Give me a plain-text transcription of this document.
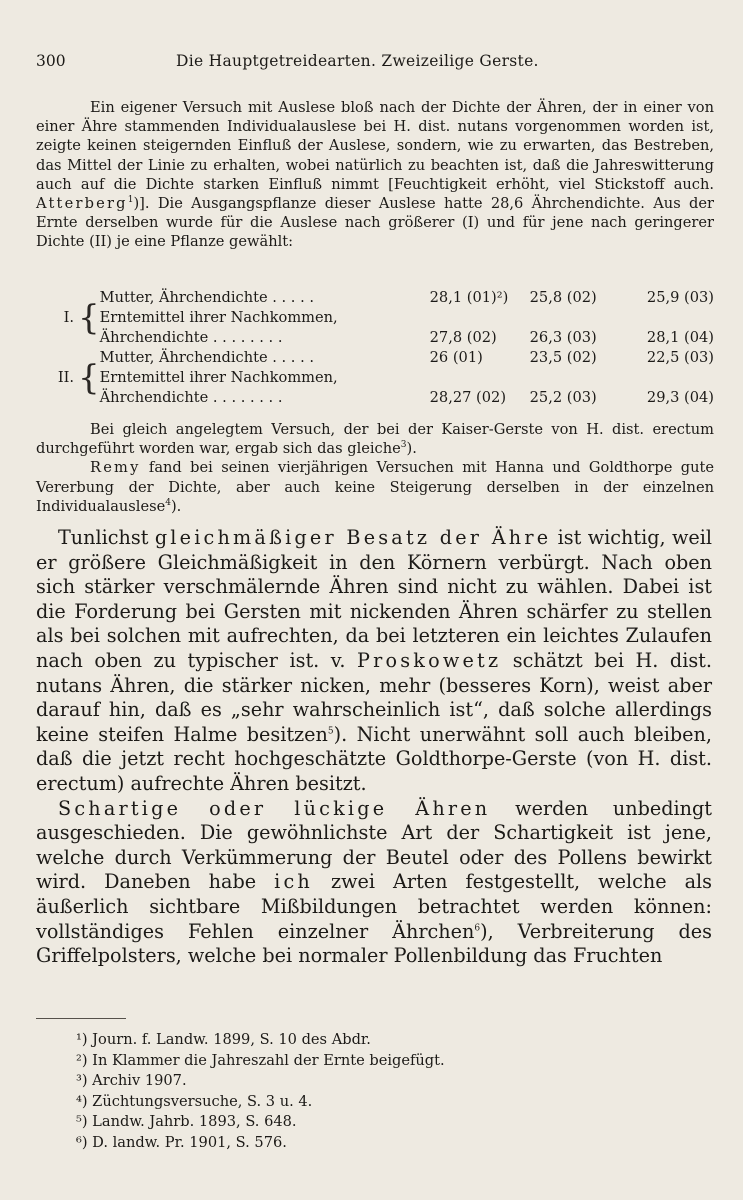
300	Die Hauptgetreidearten. Zweizeilige Gerste.

Ein eigener Versuch mit Auslese bloß nach der Dichte der Ähren, der in einer von einer Ähre stammenden Individualauslese bei H. dist. nutans vorgenommen worden ist, zeigte keinen steigernden Einfluß der Auslese, sondern, wie zu erwarten, das Bestreben, das Mittel der Linie zu erhalten, wobei natürlich zu beachten ist, daß die Jahreswitterung auch auf die Dichte starken Einfluß nimmt [Feuchtigkeit erhöht, viel Stickstoff auch. Atterberg$^1$)]. Die Ausgangspflanze dieser Auslese hatte 28,6 Ährchendichte. Aus der Ernte derselben wurde für die Auslese nach größerer (I) und für jene nach geringerer Dichte (II) je eine Pflanze gewählt:

I.	{	Mutter, Ährchendichte . . . . .	28,1 (01)²)	25,8 (02)	25,9 (03)
		Erntemittel ihrer Nachkommen,			
		Ährchendichte . . . . . . . .	27,8 (02)	26,3 (03)	28,1 (04)
II.	{	Mutter, Ährchendichte . . . . .	26 (01)	23,5 (02)	22,5 (03)
		Erntemittel ihrer Nachkommen,			
		Ährchendichte . . . . . . . .	28,27 (02)	25,2 (03)	29,3 (04)

Bei gleich angelegtem Versuch, der bei der Kaiser-Gerste von H. dist. erectum durchgeführt worden war, ergab sich das gleiche$^3$).

Remy fand bei seinen vierjährigen Versuchen mit Hanna und Goldthorpe gute Vererbung der Dichte, aber auch keine Steigerung derselben in der einzelnen Individualauslese$^4$).

Tunlichst gleichmäßiger Besatz der Ähre ist wichtig, weil er größere Gleichmäßigkeit in den Körnern verbürgt. Nach oben sich stärker verschmälernde Ähren sind nicht zu wählen. Dabei ist die Forderung bei Gersten mit nickenden Ähren schärfer zu stellen als bei solchen mit aufrechten, da bei letzteren ein leichtes Zulaufen nach oben zu typischer ist. v. Proskowetz schätzt bei H. dist. nutans Ähren, die stärker nicken, mehr (besseres Korn), weist aber darauf hin, daß es „sehr wahrscheinlich ist“, daß solche allerdings keine steifen Halme besitzen$^5$). Nicht unerwähnt soll auch bleiben, daß die jetzt recht hochgeschätzte Goldthorpe-Gerste (von H. dist. erectum) aufrechte Ähren besitzt.

Schartige oder lückige Ähren werden unbedingt ausgeschieden. Die gewöhnlichste Art der Schartigkeit ist jene, welche durch Verkümmerung der Beutel oder des Pollens bewirkt wird. Daneben habe ich zwei Arten festgestellt, welche als äußerlich sichtbare Mißbildungen betrachtet werden können: vollständiges Fehlen einzelner Ährchen$^6$), Verbreiterung des Griffelpolsters, welche bei normaler Pollenbildung das Fruchten

¹) Journ. f. Landw. 1899, S. 10 des Abdr.
²) In Klammer die Jahreszahl der Ernte beigefügt.
³) Archiv 1907.
⁴) Züchtungsversuche, S. 3 u. 4.
⁵) Landw. Jahrb. 1893, S. 648.
⁶) D. landw. Pr. 1901, S. 576.
